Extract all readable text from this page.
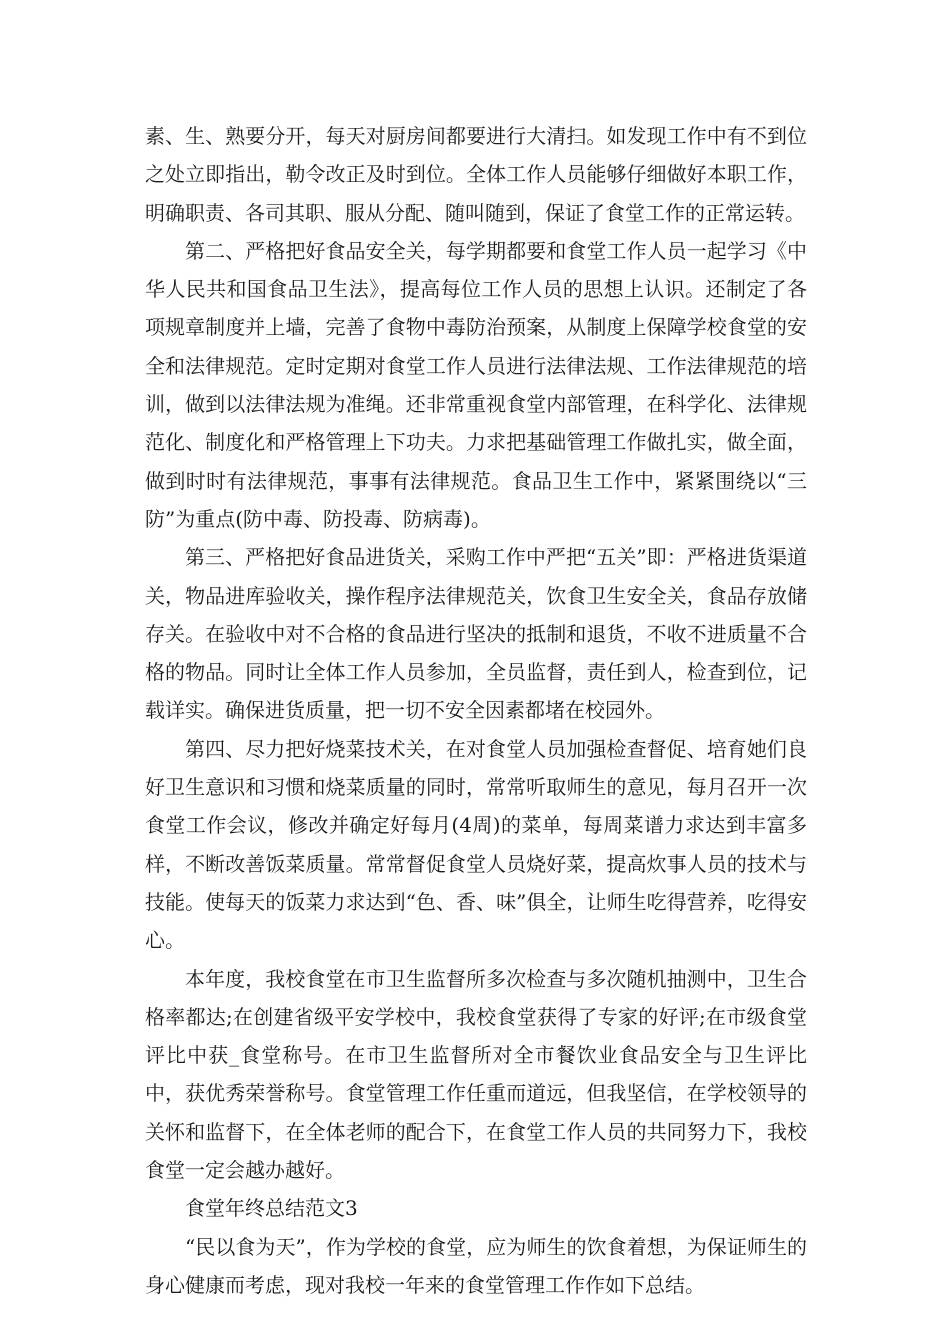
素、生、熟要分开，每天对厨房间都要进行大清扫。如发现工作中有不到位之处立即指出，勒令改正及时到位。全体工作人员能够仔细做好本职工作，明确职责、各司其职、服从分配、随叫随到，保证了食堂工作的正常运转。

第二、严格把好食品安全关，每学期都要和食堂工作人员一起学习《中华人民共和国食品卫生法》，提高每位工作人员的思想上认识。还制定了各项规章制度并上墙，完善了食物中毒防治预案，从制度上保障学校食堂的安全和法律规范。定时定期对食堂工作人员进行法律法规、工作法律规范的培训，做到以法律法规为准绳。还非常重视食堂内部管理，在科学化、法律规范化、制度化和严格管理上下功夫。力求把基础管理工作做扎实，做全面，做到时时有法律规范，事事有法律规范。食品卫生工作中，紧紧围绕以“三防”为重点(防中毒、防投毒、防病毒)。

第三、严格把好食品进货关，采购工作中严把“五关”即：严格进货渠道关，物品进库验收关，操作程序法律规范关，饮食卫生安全关，食品存放储存关。在验收中对不合格的食品进行坚决的抵制和退货，不收不进质量不合格的物品。同时让全体工作人员参加，全员监督，责任到人，检查到位，记载详实。确保进货质量，把一切不安全因素都堵在校园外。

第四、尽力把好烧菜技术关，在对食堂人员加强检查督促、培育她们良好卫生意识和习惯和烧菜质量的同时，常常听取师生的意见，每月召开一次食堂工作会议，修改并确定好每月(4周)的菜单，每周菜谱力求达到丰富多样，不断改善饭菜质量。常常督促食堂人员烧好菜，提高炊事人员的技术与技能。使每天的饭菜力求达到“色、香、味”俱全，让师生吃得营养，吃得安心。

本年度，我校食堂在市卫生监督所多次检查与多次随机抽测中，卫生合格率都达;在创建省级平安学校中，我校食堂获得了专家的好评;在市级食堂评比中获_食堂称号。在市卫生监督所对全市餐饮业食品安全与卫生评比中，获优秀荣誉称号。食堂管理工作任重而道远，但我坚信，在学校领导的关怀和监督下，在全体老师的配合下，在食堂工作人员的共同努力下，我校食堂一定会越办越好。

食堂年终总结范文3

“民以食为天”，作为学校的食堂，应为师生的饮食着想，为保证师生的身心健康而考虑，现对我校一年来的食堂管理工作作如下总结。
